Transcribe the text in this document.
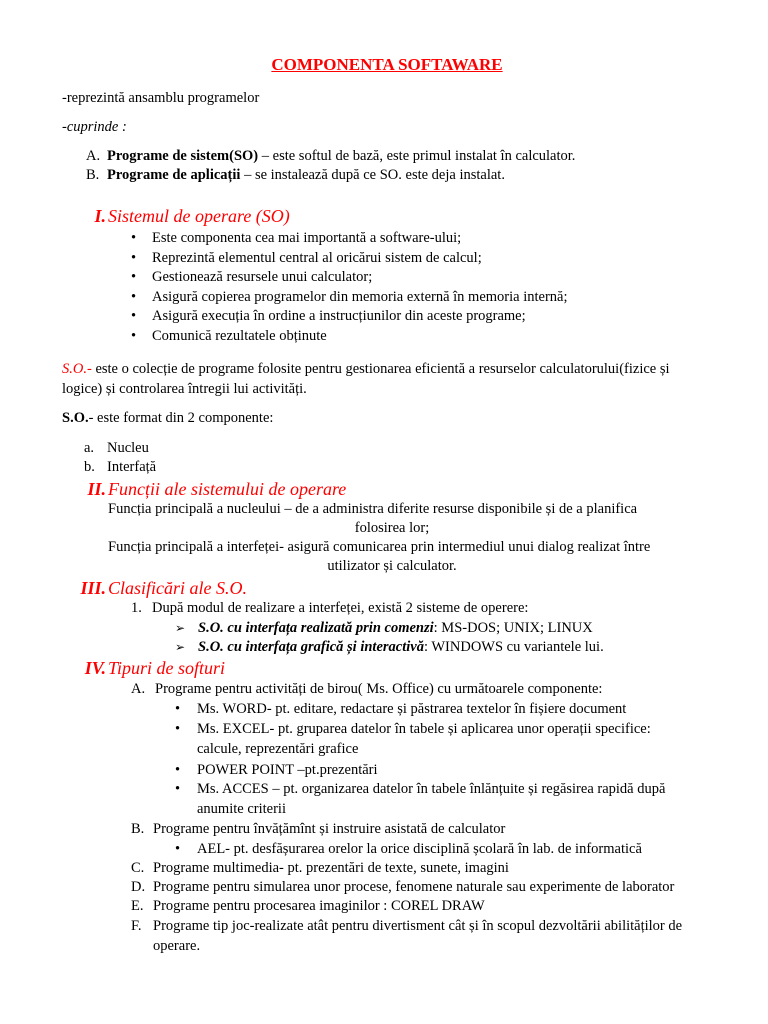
COMPONENTA SOFTAWARE
-reprezintă ansamblu programelor
-cuprinde :
A. Programe de sistem(SO) – este softul de bază, este primul instalat în calculator.
B. Programe de aplicații – se instalează după ce SO. este deja instalat.
I. Sistemul de operare (SO)
• Este componenta cea mai importantă a software-ului;
• Reprezintă elementul central al oricărui sistem de calcul;
• Gestionează resursele unui calculator;
• Asigură copierea programelor din memoria externă în memoria internă;
• Asigură execuția în ordine a instrucțiunilor din aceste programe;
• Comunică rezultatele obținute
S.O.- este o colecție de programe folosite pentru gestionarea eficientă a resurselor calculatorului(fizice și
logice) și controlarea întregii lui activități.
S.O.- este format din 2 componente:
a. Nucleu
b. Interfață
II. Funcții ale sistemului de operare
Funcția principală a nucleului – de a administra diferite resurse disponibile și de a planifica
folosirea lor;
Funcția principală a interfeței- asigură comunicarea prin intermediul unui dialog realizat între
utilizator și calculator.
III. Clasificări ale S.O.
1. După modul de realizare a interfeței, există 2 sisteme de operere:
➢ S.O. cu interfața realizată prin comenzi: MS-DOS; UNIX; LINUX
➢ S.O. cu interfața grafică și interactivă: WINDOWS cu variantele lui.
IV. Tipuri de softuri
A. Programe pentru activități de birou( Ms. Office) cu următoarele componente:
• Ms. WORD- pt. editare, redactare și păstrarea textelor în fișiere document
• Ms. EXCEL- pt. gruparea datelor în tabele și aplicarea unor operații specifice:
calcule, reprezentări grafice
• POWER POINT –pt.prezentări
• Ms. ACCES – pt. organizarea datelor în tabele înlănțuite și regăsirea rapidă după
anumite criterii
B. Programe pentru învățămînt și instruire asistată de calculator
• AEL- pt. desfășurarea orelor la orice disciplină școlară în lab. de informatică
C. Programe multimedia- pt. prezentări de texte, sunete, imagini
D. Programe pentru simularea unor procese, fenomene naturale sau experimente de laborator
E. Programe pentru procesarea imaginilor : COREL DRAW
F. Programe tip joc-realizate atât pentru divertisment cât și în scopul dezvoltării abilităților de
operare.
